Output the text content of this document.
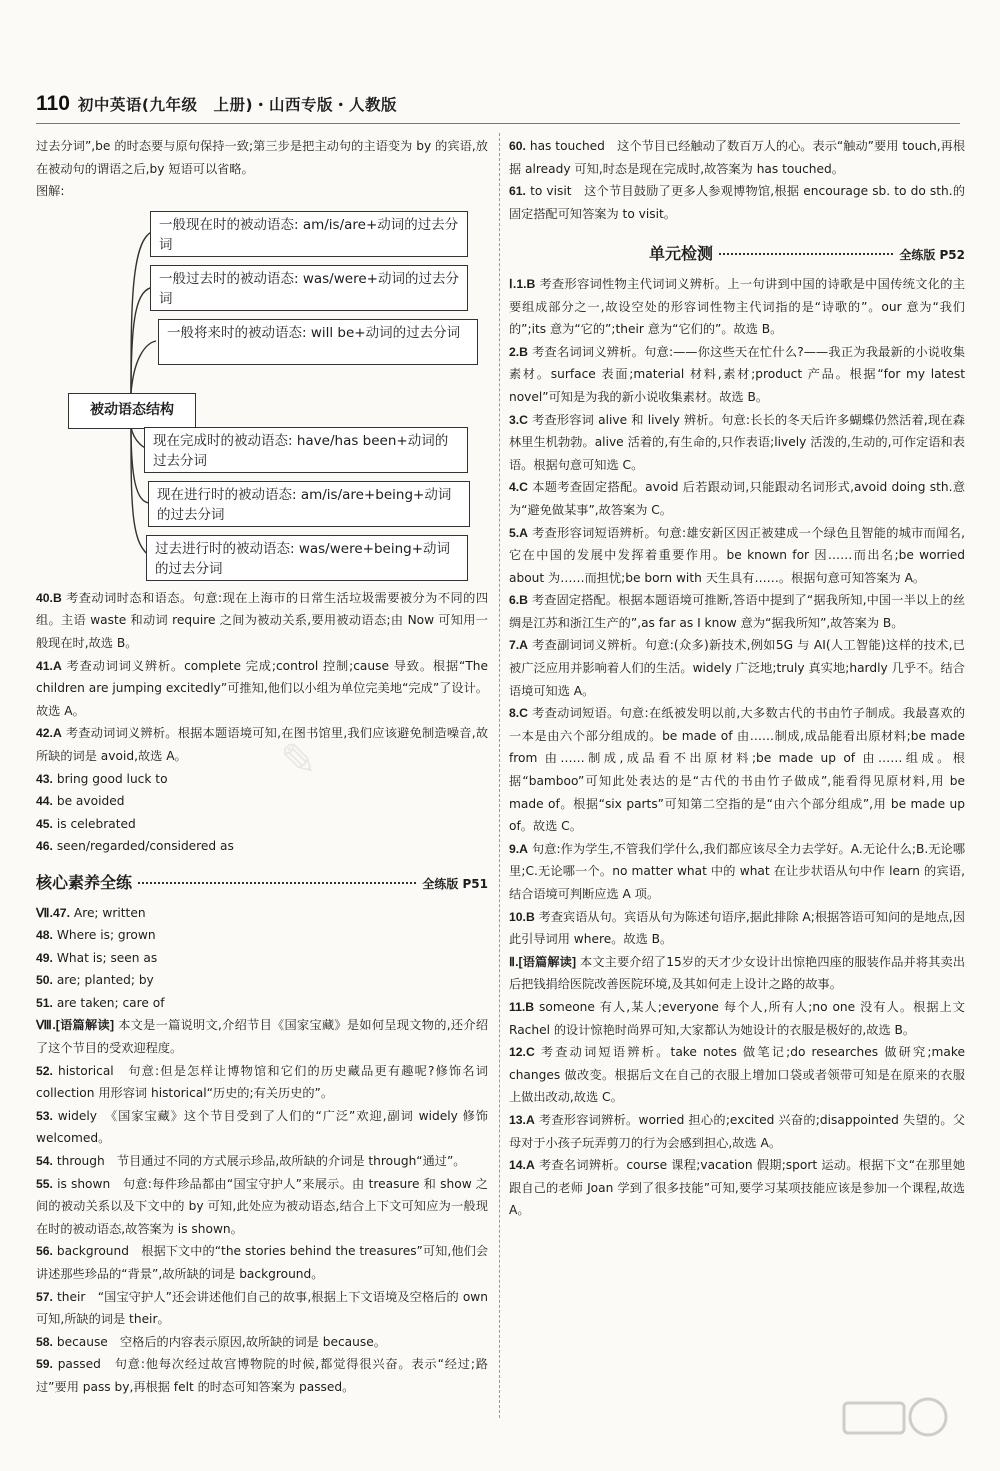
110 初中英语(九年级　上册)・山西专版・人教版

过去分词”,be 的时态要与原句保持一致;第三步是把主动句的主语变为 by 的宾语,放在被动句的谓语之后,by 短语可以省略。

图解:

一般现在时的被动语态: am/is/are+动词的过去分词
一般过去时的被动语态: was/were+动词的过去分词
一般将来时的被动语态: will be+动词的过去分词
被动语态结构
现在完成时的被动语态: have/has been+动词的过去分词
现在进行时的被动语态: am/is/are+being+动词的过去分词
过去进行时的被动语态: was/were+being+动词的过去分词

40.B 考查动词时态和语态。句意:现在上海市的日常生活垃圾需要被分为不同的四组。主语 waste 和动词 require 之间为被动关系,要用被动语态;由 Now 可知用一般现在时,故选 B。

41.A 考查动词词义辨析。complete 完成;control 控制;cause 导致。根据“The children are jumping excitedly”可推知,他们以小组为单位完美地“完成”了设计。故选 A。

42.A 考查动词词义辨析。根据本题语境可知,在图书馆里,我们应该避免制造噪音,故所缺的词是 avoid,故选 A。

43. bring good luck to

44. be avoided

45. is celebrated

46. seen/regarded/considered as

核心素养全练	全练版 P51

Ⅶ.47. Are; written

48. Where is; grown

49. What is; seen as

50. are; planted; by

51. are taken; care of

Ⅷ.[语篇解读] 本文是一篇说明文,介绍节目《国家宝藏》是如何呈现文物的,还介绍了这个节目的受欢迎程度。

52. historical　句意:但是怎样让博物馆和它们的历史藏品更有趣呢?修饰名词 collection 用形容词 historical“历史的;有关历史的”。

53. widely　《国家宝藏》这个节目受到了人们的“广泛”欢迎,副词 widely 修饰 welcomed。

54. through　节目通过不同的方式展示珍品,故所缺的介词是 through“通过”。

55. is shown　句意:每件珍品都由“国宝守护人”来展示。由 treasure 和 show 之间的被动关系以及下文中的 by 可知,此处应为被动语态,结合上下文可知应为一般现在时的被动语态,故答案为 is shown。

56. background　根据下文中的“the stories behind the treasures”可知,他们会讲述那些珍品的“背景”,故所缺的词是 background。

57. their　“国宝守护人”还会讲述他们自己的故事,根据上下文语境及空格后的 own 可知,所缺的词是 their。

58. because　空格后的内容表示原因,故所缺的词是 because。

59. passed　句意:他每次经过故宫博物院的时候,都觉得很兴奋。表示“经过;路过”要用 pass by,再根据 felt 的时态可知答案为 passed。

60. has touched　这个节目已经触动了数百万人的心。表示“触动”要用 touch,再根据 already 可知,时态是现在完成时,故答案为 has touched。

61. to visit　这个节目鼓励了更多人参观博物馆,根据 encourage sb. to do sth.的固定搭配可知答案为 to visit。

单元检测	全练版 P52

Ⅰ.1.B 考查形容词性物主代词词义辨析。上一句讲到中国的诗歌是中国传统文化的主要组成部分之一,故设空处的形容词性物主代词指的是“诗歌的”。our 意为“我们的”;its 意为“它的”;their 意为“它们的”。故选 B。

2.B 考查名词词义辨析。句意:——你这些天在忙什么?——我正为我最新的小说收集素材。surface 表面;material 材料,素材;product 产品。根据“for my latest novel”可知是为我的新小说收集素材。故选 B。

3.C 考查形容词 alive 和 lively 辨析。句意:长长的冬天后许多蝴蝶仍然活着,现在森林里生机勃勃。alive 活着的,有生命的,只作表语;lively 活泼的,生动的,可作定语和表语。根据句意可知选 C。

4.C 本题考查固定搭配。avoid 后若跟动词,只能跟动名词形式,avoid doing sth.意为“避免做某事”,故答案为 C。

5.A 考查形容词短语辨析。句意:雄安新区因正被建成一个绿色且智能的城市而闻名,它在中国的发展中发挥着重要作用。be known for 因……而出名;be worried about 为……而担忧;be born with 天生具有……。根据句意可知答案为 A。

6.B 考查固定搭配。根据本题语境可推断,答语中提到了“据我所知,中国一半以上的丝绸是江苏和浙江生产的”,as far as I know 意为“据我所知”,故答案为 B。

7.A 考查副词词义辨析。句意:(众多)新技术,例如5G 与 AI(人工智能)这样的技术,已被广泛应用并影响着人们的生活。widely 广泛地;truly 真实地;hardly 几乎不。结合语境可知选 A。

8.C 考查动词短语。句意:在纸被发明以前,大多数古代的书由竹子制成。我最喜欢的一本是由六个部分组成的。be made of 由……制成,成品能看出原材料;be made from 由……制成,成品看不出原材料;be made up of 由……组成。根据“bamboo”可知此处表达的是“古代的书由竹子做成”,能看得见原材料,用 be made of。根据“six parts”可知第二空指的是“由六个部分组成”,用 be made up of。故选 C。

9.A 句意:作为学生,不管我们学什么,我们都应该尽全力去学好。A.无论什么;B.无论哪里;C.无论哪一个。no matter what 中的 what 在让步状语从句中作 learn 的宾语,结合语境可判断应选 A 项。

10.B 考查宾语从句。宾语从句为陈述句语序,据此排除 A;根据答语可知问的是地点,因此引导词用 where。故选 B。

Ⅱ.[语篇解读] 本文主要介绍了15岁的天才少女设计出惊艳四座的服装作品并将其卖出后把钱捐给医院改善医院环境,及其如何走上设计之路的故事。

11.B someone 有人,某人;everyone 每个人,所有人;no one 没有人。根据上文 Rachel 的设计惊艳时尚界可知,大家都认为她设计的衣服是极好的,故选 B。

12.C 考查动词短语辨析。take notes 做笔记;do researches 做研究;make changes 做改变。根据后文在自己的衣服上增加口袋或者领带可知是在原来的衣服上做出改动,故选 C。

13.A 考查形容词辨析。worried 担心的;excited 兴奋的;disappointed 失望的。父母对于小孩子玩弄剪刀的行为会感到担心,故选 A。

14.A 考查名词辨析。course 课程;vacation 假期;sport 运动。根据下文“在那里她跟自己的老师 Joan 学到了很多技能”可知,要学习某项技能应该是参加一个课程,故选 A。

✎
